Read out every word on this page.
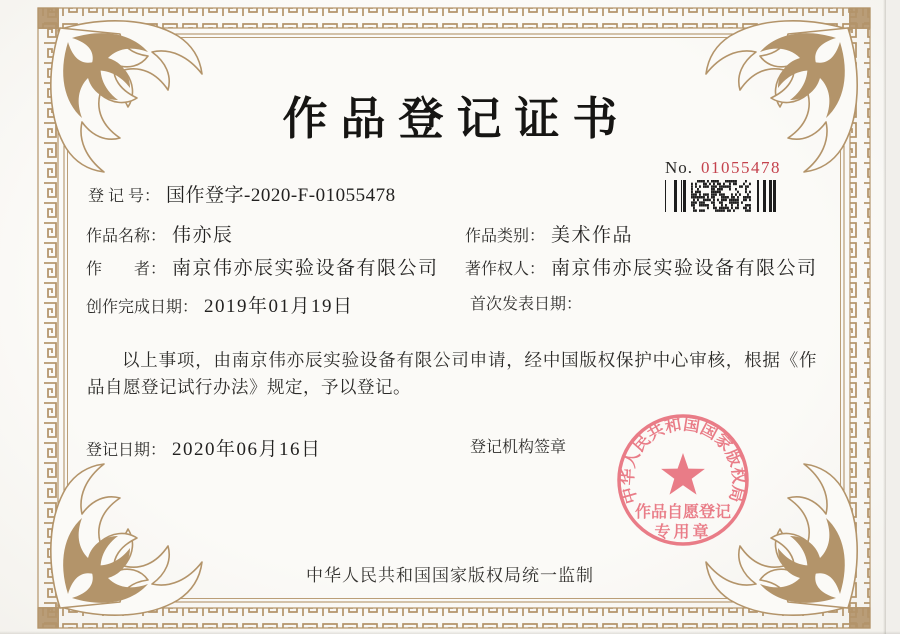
作品登记证书
No. 01055478
登 记 号： 国作登字-2020-F-01055478
作品名称： 伟亦辰	作品类别： 美术作品
作　　者： 南京伟亦辰实验设备有限公司 著作权人： 南京伟亦辰实验设备有限公司
创作完成日期： 2019年01月19日	首次发表日期：
以上事项，由南京伟亦辰实验设备有限公司申请，经中国版权保护中心审核，根据《作品自愿登记试行办法》规定，予以登记。
登记日期： 2020年06月16日	登记机构签章
中华人民共和国国家版权局
作品自愿登记
专用章
中华人民共和国国家版权局统一监制
